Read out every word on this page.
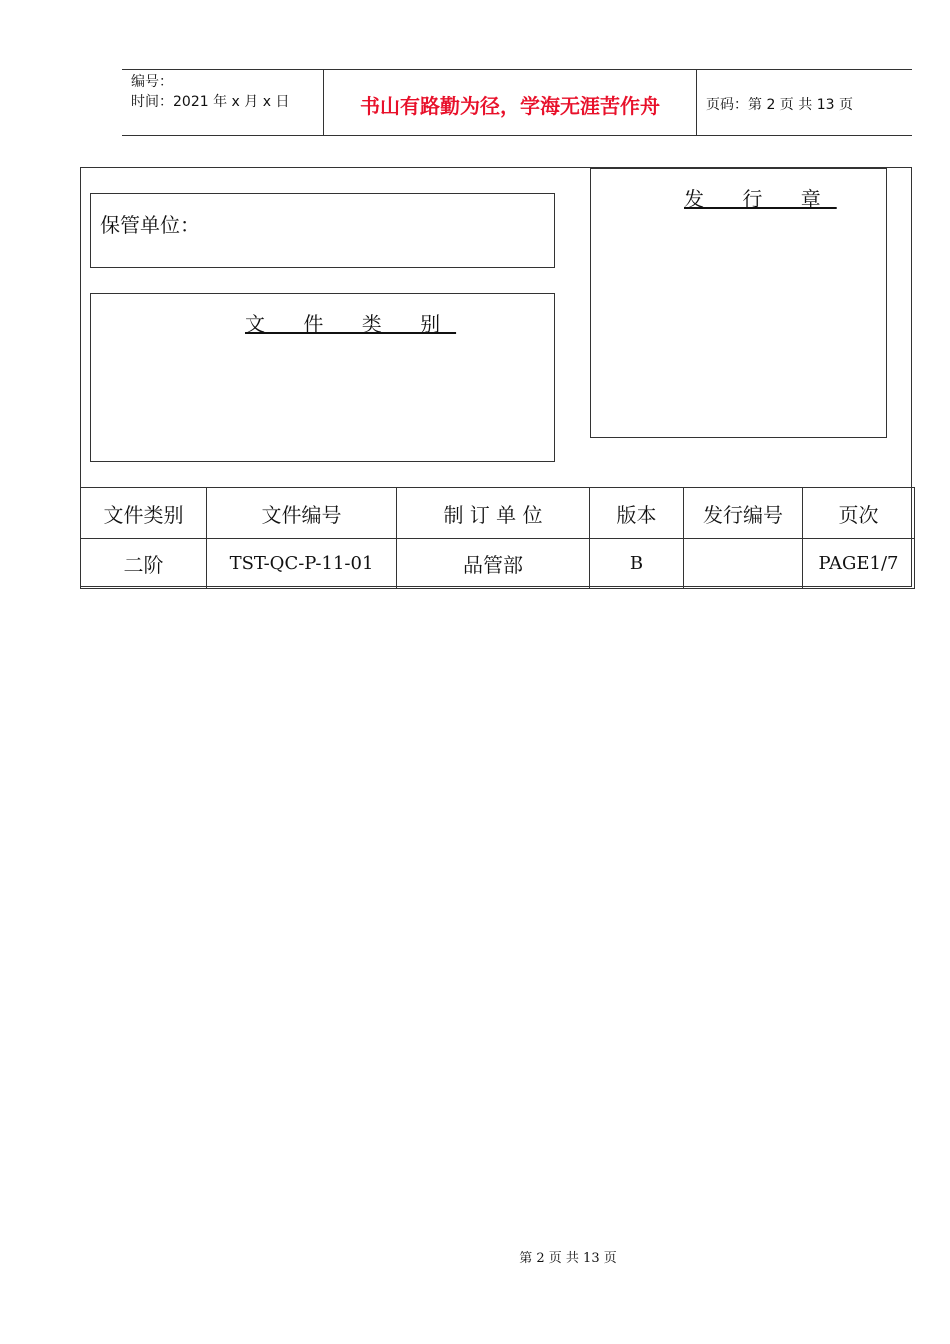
编号：
时间：2021 年 x 月 x 日	书山有路勤为径，学海无涯苦作舟	页码：第 2 页 共 13 页
保管单位：
文 件 类 别
发 行 章
文件类别	文件编号	制 订 单 位	版本	发行编号	页次
二阶	TST-QC-P-11-01	品管部	B		PAGE1/7
第 2 页 共 13 页
